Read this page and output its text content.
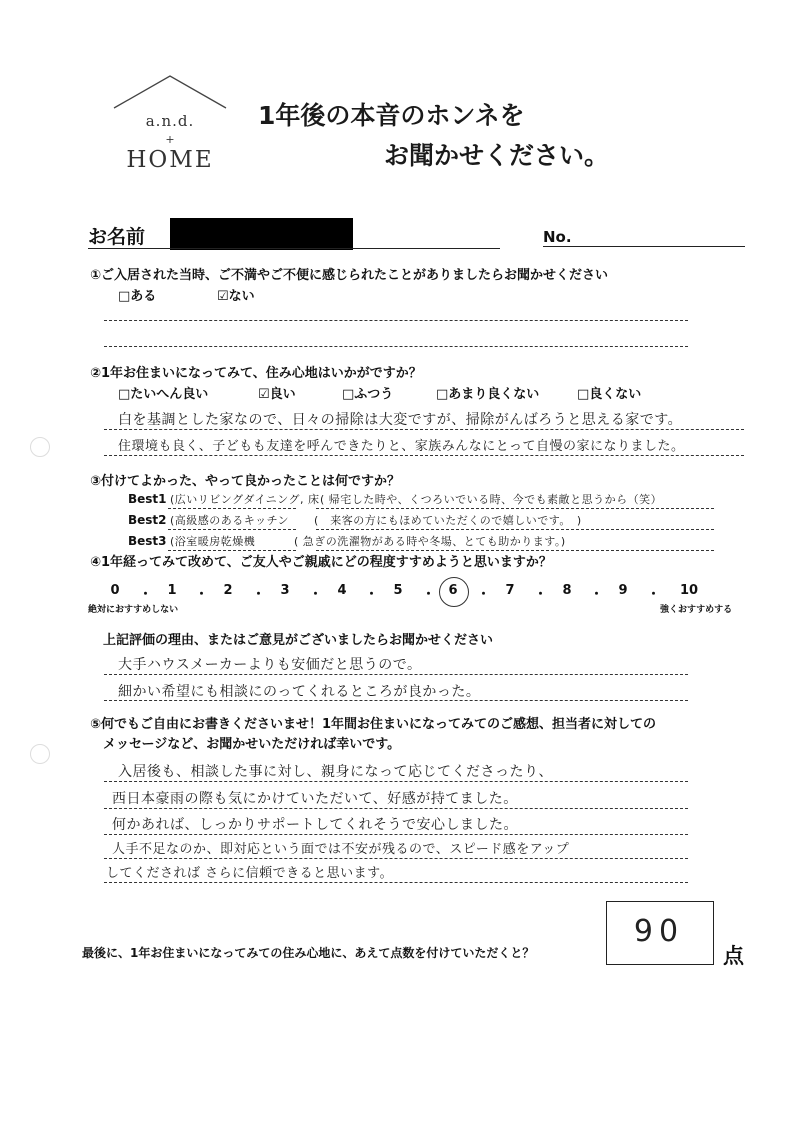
a.n.d.
+
HOME
1年後の本音のホンネを
お聞かせください。
お名前	No.
①ご入居された当時、ご不満やご不便に感じられたことがありましたらお聞かせください
□ある	☑ない
②1年お住まいになってみて、住み心地はいかがですか？
□たいへん良い	☑良い	□ふつう	□あまり良くない	□良くない
白を基調とした家なので、日々の掃除は大変ですが、掃除がんばろうと思える家です。
住環境も良く、子どもも友達を呼んできたりと、家族みんなにとって自慢の家になりました。
③付けてよかった、やって良かったことは何ですか？
Best1 (広いリビングダイニング, 床 ( 帰宅した時や、くつろいでいる時、今でも素敵と思うから（笑）
Best2 (高級感のあるキッチン (　来客の方にもほめていただくので嬉しいです。　)
Best3 (浴室暖房乾燥機	( 急ぎの洗濯物がある時や冬場、とても助かります。)
④1年経ってみて改めて、ご友人やご親戚にどの程度すすめようと思いますか？
0	・	1	・	2	・	3	・	4	・	5	・	6	・	7	・	8	・	9	・	10
絶対におすすめしない	強くおすすめする
上記評価の理由、またはご意見がございましたらお聞かせください
大手ハウスメーカーよりも安価だと思うので。
細かい希望にも相談にのってくれるところが良かった。
⑤何でもご自由にお書きくださいませ！1年間お住まいになってみてのご感想、担当者に対しての
メッセージなど、お聞かせいただければ幸いです。
入居後も、相談した事に対し、親身になって応じてくださったり、
西日本豪雨の際も気にかけていただいて、好感が持てました。
何かあれば、しっかりサポートしてくれそうで安心しました。
人手不足なのか、即対応という面では不安が残るので、スピード感をアップ
してくだされば さらに信頼できると思います。
最後に、1年お住まいになってみての住み心地に、あえて点数を付けていただくと？
90
点
